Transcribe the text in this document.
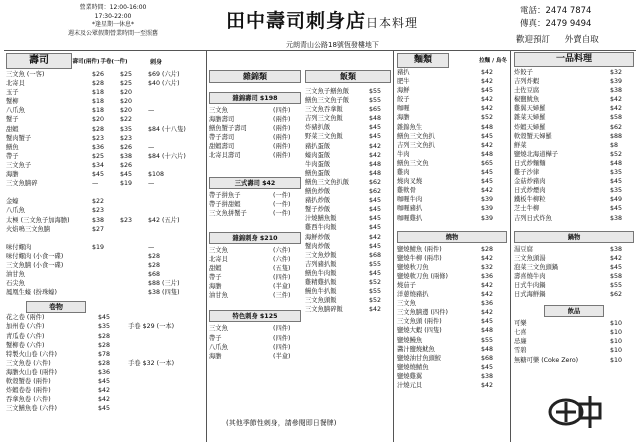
營業時間：12:00-16:00
17:30-22:00
*逢星期一休息*
週末及公眾假期營業時間一至照舊
田中壽司刺身店日本料理
元朗青山公路18號恆發樓地下
電話：2474 7874
傳真：2479 9494
歡迎預訂 外賣自取
壽司	壽司(兩件) 手卷(一件)	刺身
三文魚 (一客)	$26	$25	$69 (六片)
北寄貝	$28	$25	$40 (六片)
玉子	$18	$20
蟹柳	$18	$20
八爪魚	$18	$20	—
蟹子	$20	$22
甜蝦	$28	$35	$84 (十八隻)
蟹肉蟹子	$23	$23
鱔魚	$36	$26	—
帶子	$25	$38	$84 (十六片)
三文魚子	$34	$26
海膽	$45	$45	$108
三文魚腩碎	—	$19	—
金蠔	$22
八爪魚	$23
太極 (三文魚子加海膽)	$38	$23	$42 (五片)
火焰鳴三文魚腩	$27
味付螺肉	$19	—
味付螺肉 (小食一碟)	$28
三文魚腩 (小食一碟)	$28
油甘魚	$68
石尖魚	$88 (三片)
鳳凰生蠔 (扮珠蠔)	$38 (四隻)
卷物
花之卷 (兩件)	$45
加州卷 (六件)	$35	手卷 $29 (一本)
青瓜卷 (六件)	$28
蟹柳卷 (六件)	$28
特製火山卷 (六件)	$78
三文魚卷 (六件)	$28	手卷 $32 (一本)
海膽火山卷 (兩件)	$36
軟殼蟹卷 (兩件)	$45
炸蝦卷卷 (兩件)	$42
吞拿魚卷 (六件)	$42
三文鱔魚卷 (六件)	$45
雜錦類
雜錦壽司 $198
三文魚	(四件)
海膽壽司	(兩件)
鱔魚蟹子壽司	(兩件)
帶子壽司	(兩件)
甜蝦壽司	(兩件)
北寄貝壽司	(兩件)
三式壽司 $42
帶子拼魚子	(一件)
帶子拼甜蝦	(一件)
三文魚拼蟹子	(一件)
雜錦刺身 $210
三文魚	(六件)
北寄貝	(六件)
甜蝦	(五隻)
帶子	(四件)
海膽	(半盒)
油甘魚	(三件)
特色刺身 $125
三文魚	(四件)
帶子	(四件)
八爪魚	(四件)
海膽	(半盒)
飯類
三文魚子鱔魚飯	$55
鱔魚三文魚子飯	$55
三文魚吞拿飯	$65
吉列三文魚飯	$48
炸豬扒飯	$45
野菜三文魚飯	$45
豬扒蛋飯	$42
蠔肉蛋飯	$42
牛肉蛋飯	$48
鱔魚蛋飯	$48
鱔魚三文魚扒飯	$62
鱔魚炒飯	$62
豬扒炒飯	$45
蟹子炒飯	$45
汁燒鱔魚飯	$45
雞西牛肉飯	$45
海鮮炒飯	$42
蟹肉炒飯	$45
三文魚炒飯	$68
吉列豬扒飯	$55
鱔魚牛肉飯	$45
雞精雞扒飯	$52
鰻魚牛扒飯	$55
三文魚頭飯	$52
三文魚腩碎飯	$42
(其他季節性刺身，請參閱即日餐牌)
麵類	拉麵 / 烏冬
豬扒	$42
肥牛	$42
海鮮	$45
餃子	$42
咖喱	$42
海膽	$52
雜錦魚生	$48
鱔魚三文魚扒	$45
吉列三文魚扒	$42
牛肉	$48
鱔魚三文魚	$65
雞肉	$45
燒肉叉燒	$45
雞軟骨	$42
咖喱牛肉	$39
咖喱豬扒	$39
咖喱雞扒	$39
燒物
鹽燒鯖魚 (兩件)	$28
鹽燒牛柳 (兩串)	$42
鹽燒秋刀魚	$32
鹽燒軟刀魚 (兩條)	$36
燒茄子	$42
洋蔥燒豬扒	$42
三文魚	$36
三文魚腩邊 (四件)	$42
三文魚頭 (兩件)	$45
鹽燒大蝦 (四隻)	$48
鹽燒鰻魚	$55
醬汁鹽燒魷魚	$48
鹽燒油甘魚頭鮫	$68
鹽燒燒鯖魚	$45
鹽燒雞翼	$38
汁燒元貝	$42
一品料理
炸餃子	$32
吉列炸蝦	$39
土佐豆腐	$38
椒鹽魷魚	$42
雞翼天婦羅	$42
雜菜天婦羅	$58
炸蝦天婦羅	$62
軟殼蟹天婦羅	$88
鮮菜	$8
鹽燒北海道樺子	$52
日式炒麵麵	$48
雞子沙律	$35
金菇炒豬肉	$45
日式炒煙肉	$35
鐵板牛柳粒	$49
芝士牛柳	$45
吉列日式炸魚	$38
鍋物
湯豆腐	$38
三文魚頭湯	$42
泡菜三文魚頭鍋	$45
壽喜燒牛肉	$58
日式牛肉鍋	$55
日式海鮮鍋	$62
飲品
可樂	$10
七喜	$10
忌廉	$10
雪碧	$10
無糖可樂 (Coke Zero)	$10
